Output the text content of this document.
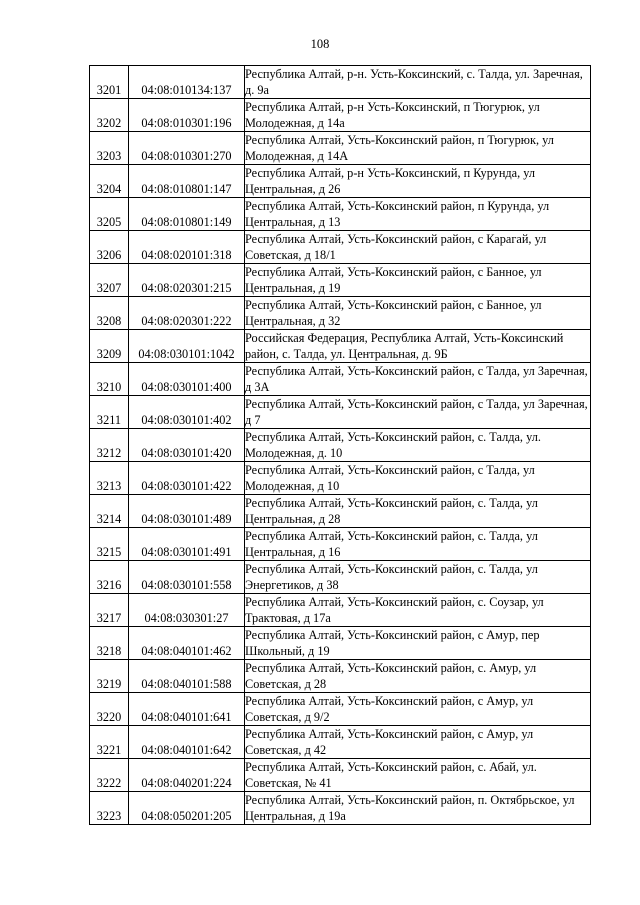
108
3201	04:08:010134:137	Республика Алтай, р-н. Усть-Коксинский, с. Талда, ул. Заречная, д. 9а

3202	04:08:010301:196	Республика Алтай, р-н Усть-Коксинский, п Тюгурюк, ул Молодежная, д 14а

3203	04:08:010301:270	Республика Алтай, Усть-Коксинский район, п Тюгурюк, ул Молодежная, д 14А

3204	04:08:010801:147	Республика Алтай, р-н Усть-Коксинский, п Курунда, ул Центральная, д 26

3205	04:08:010801:149	Республика Алтай, Усть-Коксинский район, п Курунда, ул Центральная, д 13

3206	04:08:020101:318	Республика Алтай, Усть-Коксинский район, с Карагай, ул Советская, д 18/1

3207	04:08:020301:215	Республика Алтай, Усть-Коксинский район, с Банное, ул Центральная, д 19

3208	04:08:020301:222	Республика Алтай, Усть-Коксинский район, с Банное, ул Центральная, д 32

3209	04:08:030101:1042	Российская Федерация, Республика Алтай, Усть-Коксинский район, с. Талда, ул. Центральная, д. 9Б

3210	04:08:030101:400	Республика Алтай, Усть-Коксинский район, с Талда, ул Заречная, д 3А

3211	04:08:030101:402	Республика Алтай, Усть-Коксинский район, с Талда, ул Заречная, д 7

3212	04:08:030101:420	Республика Алтай, Усть-Коксинский район, с. Талда, ул. Молодежная, д. 10

3213	04:08:030101:422	Республика Алтай, Усть-Коксинский район, с Талда, ул Молодежная, д 10

3214	04:08:030101:489	Республика Алтай, Усть-Коксинский район, с. Талда, ул Центральная, д 28

3215	04:08:030101:491	Республика Алтай, Усть-Коксинский район, с. Талда, ул Центральная, д 16

3216	04:08:030101:558	Республика Алтай, Усть-Коксинский район, с. Талда, ул Энергетиков, д 38

3217	04:08:030301:27	Республика Алтай, Усть-Коксинский район, с. Соузар, ул Трактовая, д 17а

3218	04:08:040101:462	Республика Алтай, Усть-Коксинский район, с Амур, пер Школьный, д 19

3219	04:08:040101:588	Республика Алтай, Усть-Коксинский район, с. Амур, ул Советская, д 28

3220	04:08:040101:641	Республика Алтай, Усть-Коксинский район, с Амур, ул Советская, д 9/2

3221	04:08:040101:642	Республика Алтай, Усть-Коксинский район, с Амур, ул Советская, д 42

3222	04:08:040201:224	Республика Алтай, Усть-Коксинский район, с. Абай, ул. Советская, № 41

3223	04:08:050201:205	Республика Алтай, Усть-Коксинский район, п. Октябрьское, ул Центральная, д 19а
